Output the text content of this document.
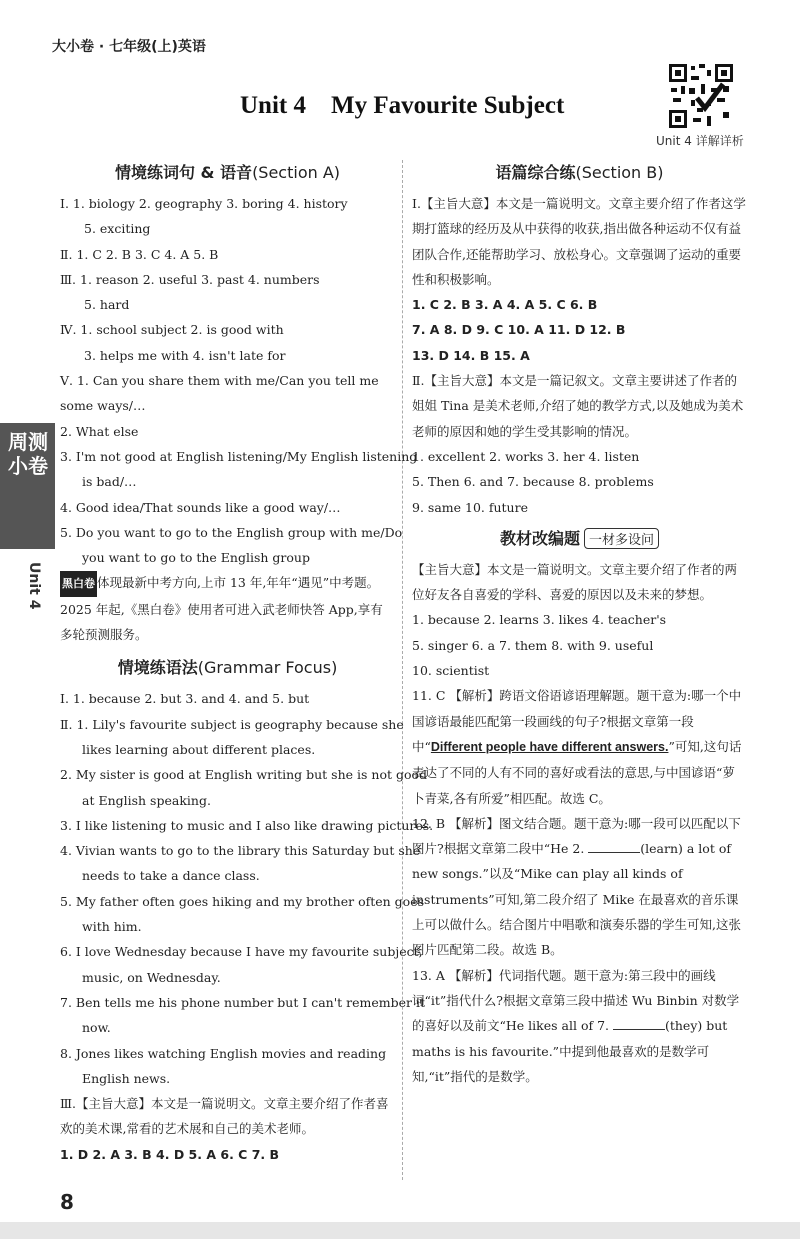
大小卷 · 七年级(上)英语
Unit 4 详解详析
Unit 4    My Favourite Subject
周测小卷
Unit 4
情境练词句 & 语音(Section A)
Ⅰ. 1. biology 2. geography 3. boring 4. history
5. exciting
Ⅱ. 1. C 2. B 3. C 4. A 5. B
Ⅲ. 1. reason 2. useful 3. past 4. numbers
5. hard
Ⅳ. 1. school subject 2. is good with
3. helps me with 4. isn't late for
Ⅴ. 1. Can you share them with me/Can you tell me
some ways/…
2. What else
3. I'm not good at English listening/My English listening
is bad/…
4. Good idea/That sounds like a good way/…
5. Do you want to go to the English group with me/Do
you want to go to the English group
黑白卷 体现最新中考方向,上市 13 年,年年“遇见”中考题。2025 年起,《黑白卷》使用者可进入武老师快答 App,享有多轮预测服务。
情境练语法(Grammar Focus)
Ⅰ. 1. because 2. but 3. and 4. and 5. but
Ⅱ. 1. Lily's favourite subject is geography because she
likes learning about different places.
2. My sister is good at English writing but she is not good
at English speaking.
3. I like listening to music and I also like drawing pictures.
4. Vivian wants to go to the library this Saturday but she
needs to take a dance class.
5. My father often goes hiking and my brother often goes
with him.
6. I love Wednesday because I have my favourite subject,
music, on Wednesday.
7. Ben tells me his phone number but I can't remember it
now.
8. Jones likes watching English movies and reading
English news.
Ⅲ.【主旨大意】本文是一篇说明文。文章主要介绍了作者喜欢的美术课,常看的艺术展和自己的美术老师。
1. D 2. A 3. B 4. D 5. A 6. C 7. B
语篇综合练(Section B)
Ⅰ.【主旨大意】本文是一篇说明文。文章主要介绍了作者这学期打篮球的经历及从中获得的收获,指出做各种运动不仅有益团队合作,还能帮助学习、放松身心。文章强调了运动的重要性和积极影响。
1. C 2. B 3. A 4. A 5. C 6. B
7. A 8. D 9. C 10. A 11. D 12. B
13. D 14. B 15. A
Ⅱ.【主旨大意】本文是一篇记叙文。文章主要讲述了作者的姐姐 Tina 是美术老师,介绍了她的教学方式,以及她成为美术老师的原因和她的学生受其影响的情况。
1. excellent 2. works 3. her 4. listen
5. Then 6. and 7. because 8. problems
9. same 10. future
教材改编题 一材多设问
【主旨大意】本文是一篇说明文。文章主要介绍了作者的两位好友各自喜爱的学科、喜爱的原因以及未来的梦想。
1. because 2. learns 3. likes 4. teacher's
5. singer 6. a 7. them 8. with 9. useful
10. scientist
11. C 【解析】跨语文俗语谚语理解题。题干意为:哪一个中国谚语最能匹配第一段画线的句子?根据文章第一段中“Different people have different answers.”可知,这句话表达了不同的人有不同的喜好或看法的意思,与中国谚语“萝卜青菜,各有所爱”相匹配。故选 C。
12. B 【解析】图文结合题。题干意为:哪一段可以匹配以下图片?根据文章第二段中“He 2.	(learn) a lot of new songs.”以及“Mike can play all kinds of instruments”可知,第二段介绍了 Mike 在最喜欢的音乐课上可以做什么。结合图片中唱歌和演奏乐器的学生可知,这张图片匹配第二段。故选 B。
13. A 【解析】代词指代题。题干意为:第三段中的画线词“it”指代什么?根据文章第三段中描述 Wu Binbin 对数学的喜好以及前文“He likes all of 7.	(they) but maths is his favourite.”中提到他最喜欢的是数学可知,“it”指代的是数学。
8
